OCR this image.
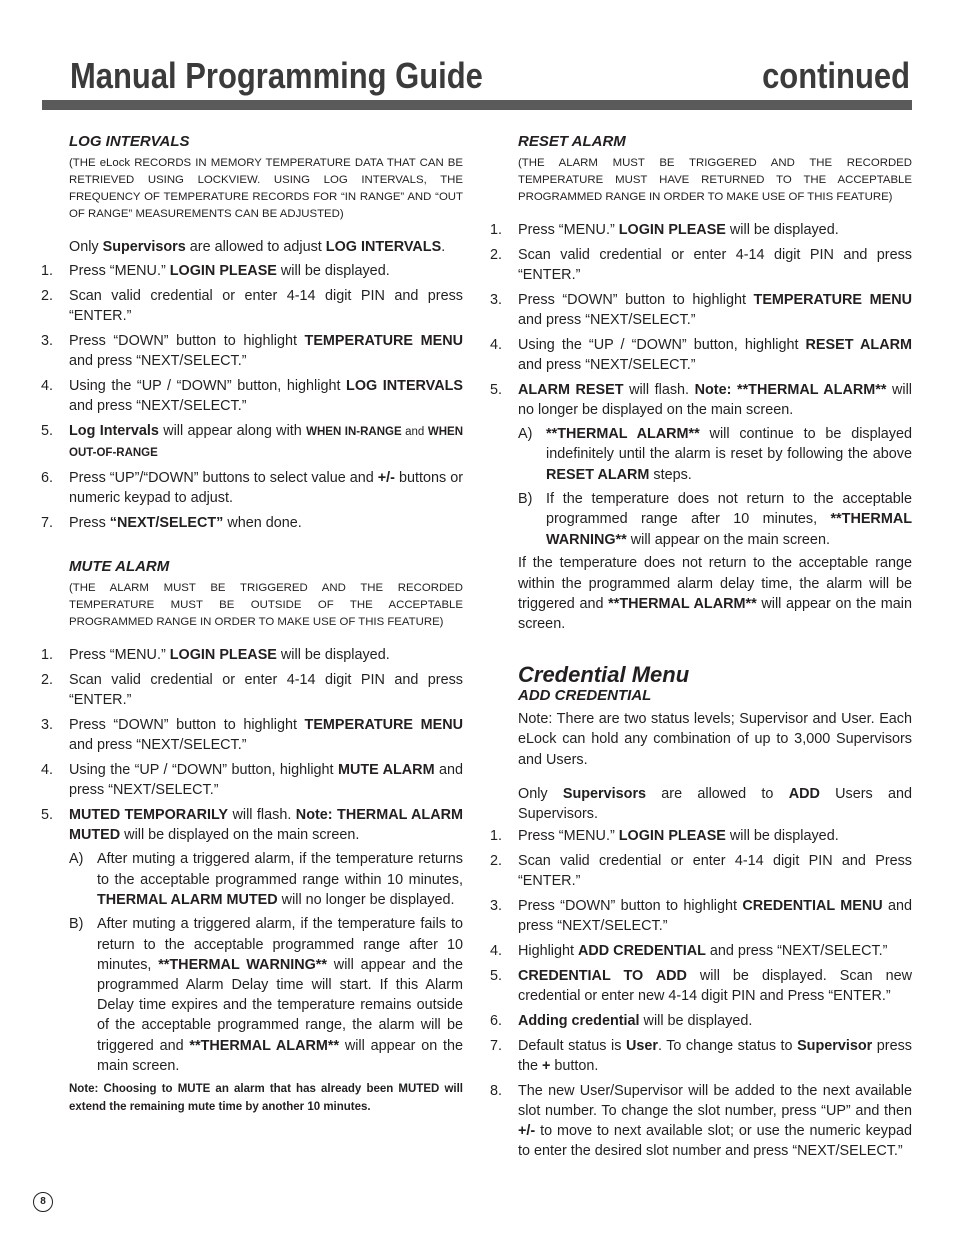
Manual Programming Guide	continued
LOG INTERVALS

(THE eLock RECORDS IN MEMORY TEMPERATURE DATA THAT CAN BE RETRIEVED USING LOCKVIEW. USING LOG INTERVALS, THE FREQUENCY OF TEMPERATURE RECORDS FOR “IN RANGE” AND “OUT OF RANGE” MEASUREMENTS CAN BE ADJUSTED)

Only Supervisors are allowed to adjust LOG INTERVALS.

1. Press “MENU.” LOGIN PLEASE will be displayed.
2. Scan valid credential or enter 4-14 digit PIN and press “ENTER.”
3. Press “DOWN” button to highlight TEMPERATURE MENU and press “NEXT/SELECT.”
4. Using the “UP / “DOWN” button, highlight LOG INTERVALS and press “NEXT/SELECT.”
5. Log Intervals will appear along with WHEN IN-RANGE and WHEN OUT-OF-RANGE
6. Press “UP”/“DOWN” buttons to select value and +/- buttons or numeric keypad to adjust.
7. Press “NEXT/SELECT” when done.
MUTE ALARM

(THE ALARM MUST BE TRIGGERED AND THE RECORDED TEMPERATURE MUST BE OUTSIDE OF THE ACCEPTABLE PROGRAMMED RANGE IN ORDER TO MAKE USE OF THIS FEATURE)

1. Press “MENU.” LOGIN PLEASE will be displayed.
2. Scan valid credential or enter 4-14 digit PIN and press “ENTER.”
3. Press “DOWN” button to highlight TEMPERATURE MENU and press “NEXT/SELECT.”
4. Using the “UP / “DOWN” button, highlight MUTE ALARM and press “NEXT/SELECT.”
5. MUTED TEMPORARILY will flash. Note: THERMAL ALARM MUTED will be displayed on the main screen.
A) After muting a triggered alarm, if the temperature returns to the acceptable programmed range within 10 minutes, THERMAL ALARM MUTED will no longer be displayed.
B) After muting a triggered alarm, if the temperature fails to return to the acceptable programmed range after 10 minutes, **THERMAL WARNING** will appear and the programmed Alarm Delay time will start. If this Alarm Delay time expires and the temperature remains outside of the acceptable programmed range, the alarm will be triggered and **THERMAL ALARM** will appear on the main screen.

Note: Choosing to MUTE an alarm that has already been MUTED will extend the remaining mute time by another 10 minutes.

RESET ALARM

(THE ALARM MUST BE TRIGGERED AND THE RECORDED TEMPERATURE MUST HAVE RETURNED TO THE ACCEPTABLE PROGRAMMED RANGE IN ORDER TO MAKE USE OF THIS FEATURE)

1. Press “MENU.” LOGIN PLEASE will be displayed.
2. Scan valid credential or enter 4-14 digit PIN and press “ENTER.”
3. Press “DOWN” button to highlight TEMPERATURE MENU and press “NEXT/SELECT.”
4. Using the “UP / “DOWN” button, highlight RESET ALARM and press “NEXT/SELECT.”
5. ALARM RESET will flash. Note: **THERMAL ALARM** will no longer be displayed on the main screen.
A) **THERMAL ALARM** will continue to be displayed indefinitely until the alarm is reset by following the above RESET ALARM steps.
B) If the temperature does not return to the acceptable programmed range after 10 minutes, **THERMAL WARNING** will appear on the main screen.

If the temperature does not return to the acceptable range within the programmed alarm delay time, the alarm will be triggered and **THERMAL ALARM** will appear on the main screen.

Credential Menu
ADD CREDENTIAL

Note: There are two status levels; Supervisor and User. Each eLock can hold any combination of up to 3,000 Supervisors and Users.

Only Supervisors are allowed to ADD Users and Supervisors.

1. Press “MENU.” LOGIN PLEASE will be displayed.
2. Scan valid credential or enter 4-14 digit PIN and Press “ENTER.”
3. Press “DOWN” button to highlight CREDENTIAL MENU and press “NEXT/SELECT.”
4. Highlight ADD CREDENTIAL and press “NEXT/SELECT.”
5. CREDENTIAL TO ADD will be displayed. Scan new credential or enter new 4-14 digit PIN and Press “ENTER.”
6. Adding credential will be displayed.
7. Default status is User. To change status to Supervisor press the + button.
8. The new User/Supervisor will be added to the next available slot number. To change the slot number, press “UP” and then +/- to move to next available slot; or use the numeric keypad to enter the desired slot number and press “NEXT/SELECT.”
8
